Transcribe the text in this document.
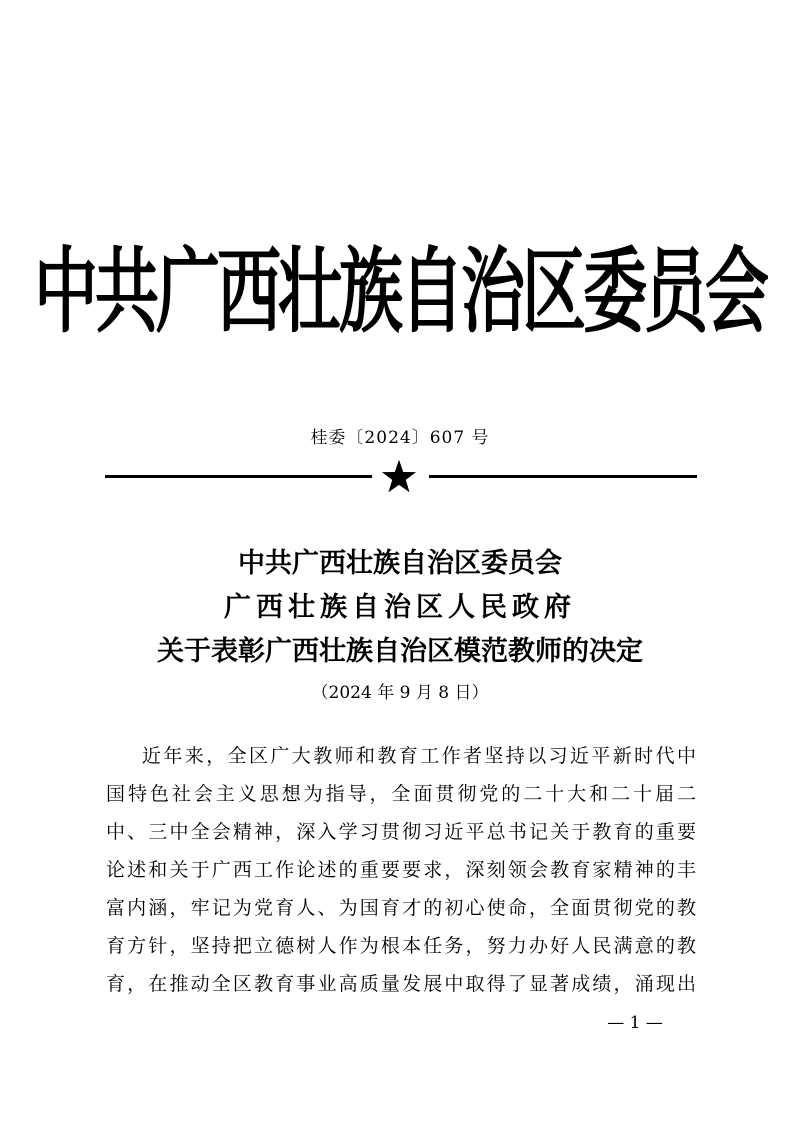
中共广西壮族自治区委员会
桂委〔2024〕607 号
中共广西壮族自治区委员会
广西壮族自治区人民政府
关于表彰广西壮族自治区模范教师的决定
（2024 年 9 月 8 日）
近年来，全区广大教师和教育工作者坚持以习近平新时代中
国特色社会主义思想为指导，全面贯彻党的二十大和二十届二
中、三中全会精神，深入学习贯彻习近平总书记关于教育的重要
论述和关于广西工作论述的重要要求，深刻领会教育家精神的丰
富内涵，牢记为党育人、为国育才的初心使命，全面贯彻党的教
育方针，坚持把立德树人作为根本任务，努力办好人民满意的教
育，在推动全区教育事业高质量发展中取得了显著成绩，涌现出
— 1 —
